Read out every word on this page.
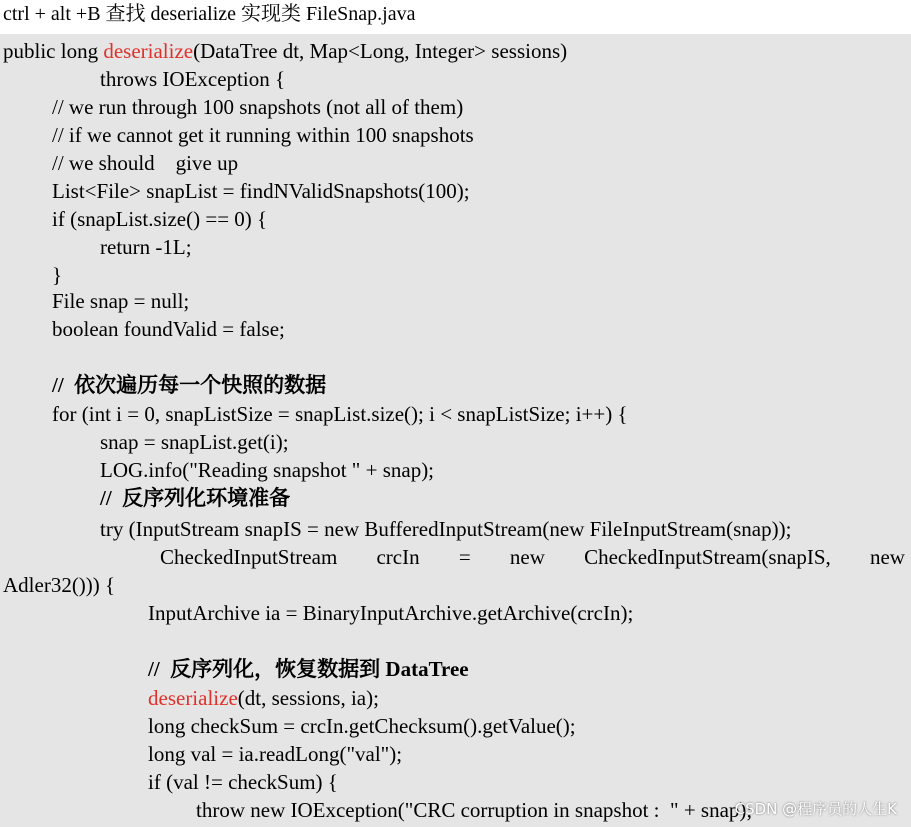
ctrl + alt +B 查找 deserialize 实现类 FileSnap.java
public long deserialize(DataTree dt, Map<Long, Integer> sessions)
throws IOException {
// we run through 100 snapshots (not all of them)
// if we cannot get it running within 100 snapshots
// we should    give up
List<File> snapList = findNValidSnapshots(100);
if (snapList.size() == 0) {
return -1L;
}
File snap = null;
boolean foundValid = false;
//  依次遍历每一个快照的数据
for (int i = 0, snapListSize = snapList.size(); i < snapListSize; i++) {
snap = snapList.get(i);
LOG.info("Reading snapshot " + snap);
//  反序列化环境准备
try (InputStream snapIS = new BufferedInputStream(new FileInputStream(snap));
CheckedInputStream crcIn = new CheckedInputStream(snapIS, new
Adler32())) {
InputArchive ia = BinaryInputArchive.getArchive(crcIn);
//  反序列化，恢复数据到 DataTree
deserialize(dt, sessions, ia);
long checkSum = crcIn.getChecksum().getValue();
long val = ia.readLong("val");
if (val != checkSum) {
throw new IOException("CRC corruption in snapshot :  " + snap);
CSDN @程序员的人生K
